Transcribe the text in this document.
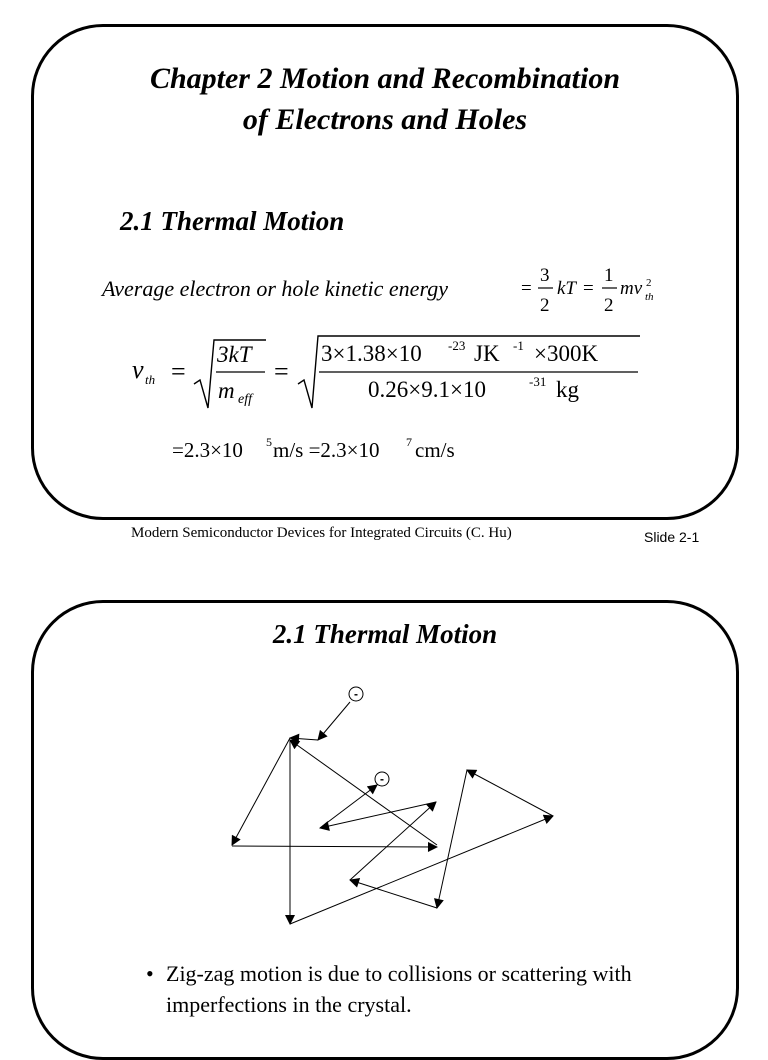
Chapter 2 Motion and Recombination
of Electrons and Holes
2.1 Thermal Motion
Average electron or hole kinetic energy	=
3
2
kT =
1
2
mv 2
th
v th =
3kT
m eff
=
3×1.38×10 -23 JK -1 ×300K
0.26×9.1×10	-31 kg
=2.3×10 5 m/s =2.3×10 7 cm/s
Modern Semiconductor Devices for Integrated Circuits (C. Hu)	Slide 2-1
2.1 Thermal Motion
-
-
• Zig-zag motion is due to collisions or scattering with imperfections in the crystal.
